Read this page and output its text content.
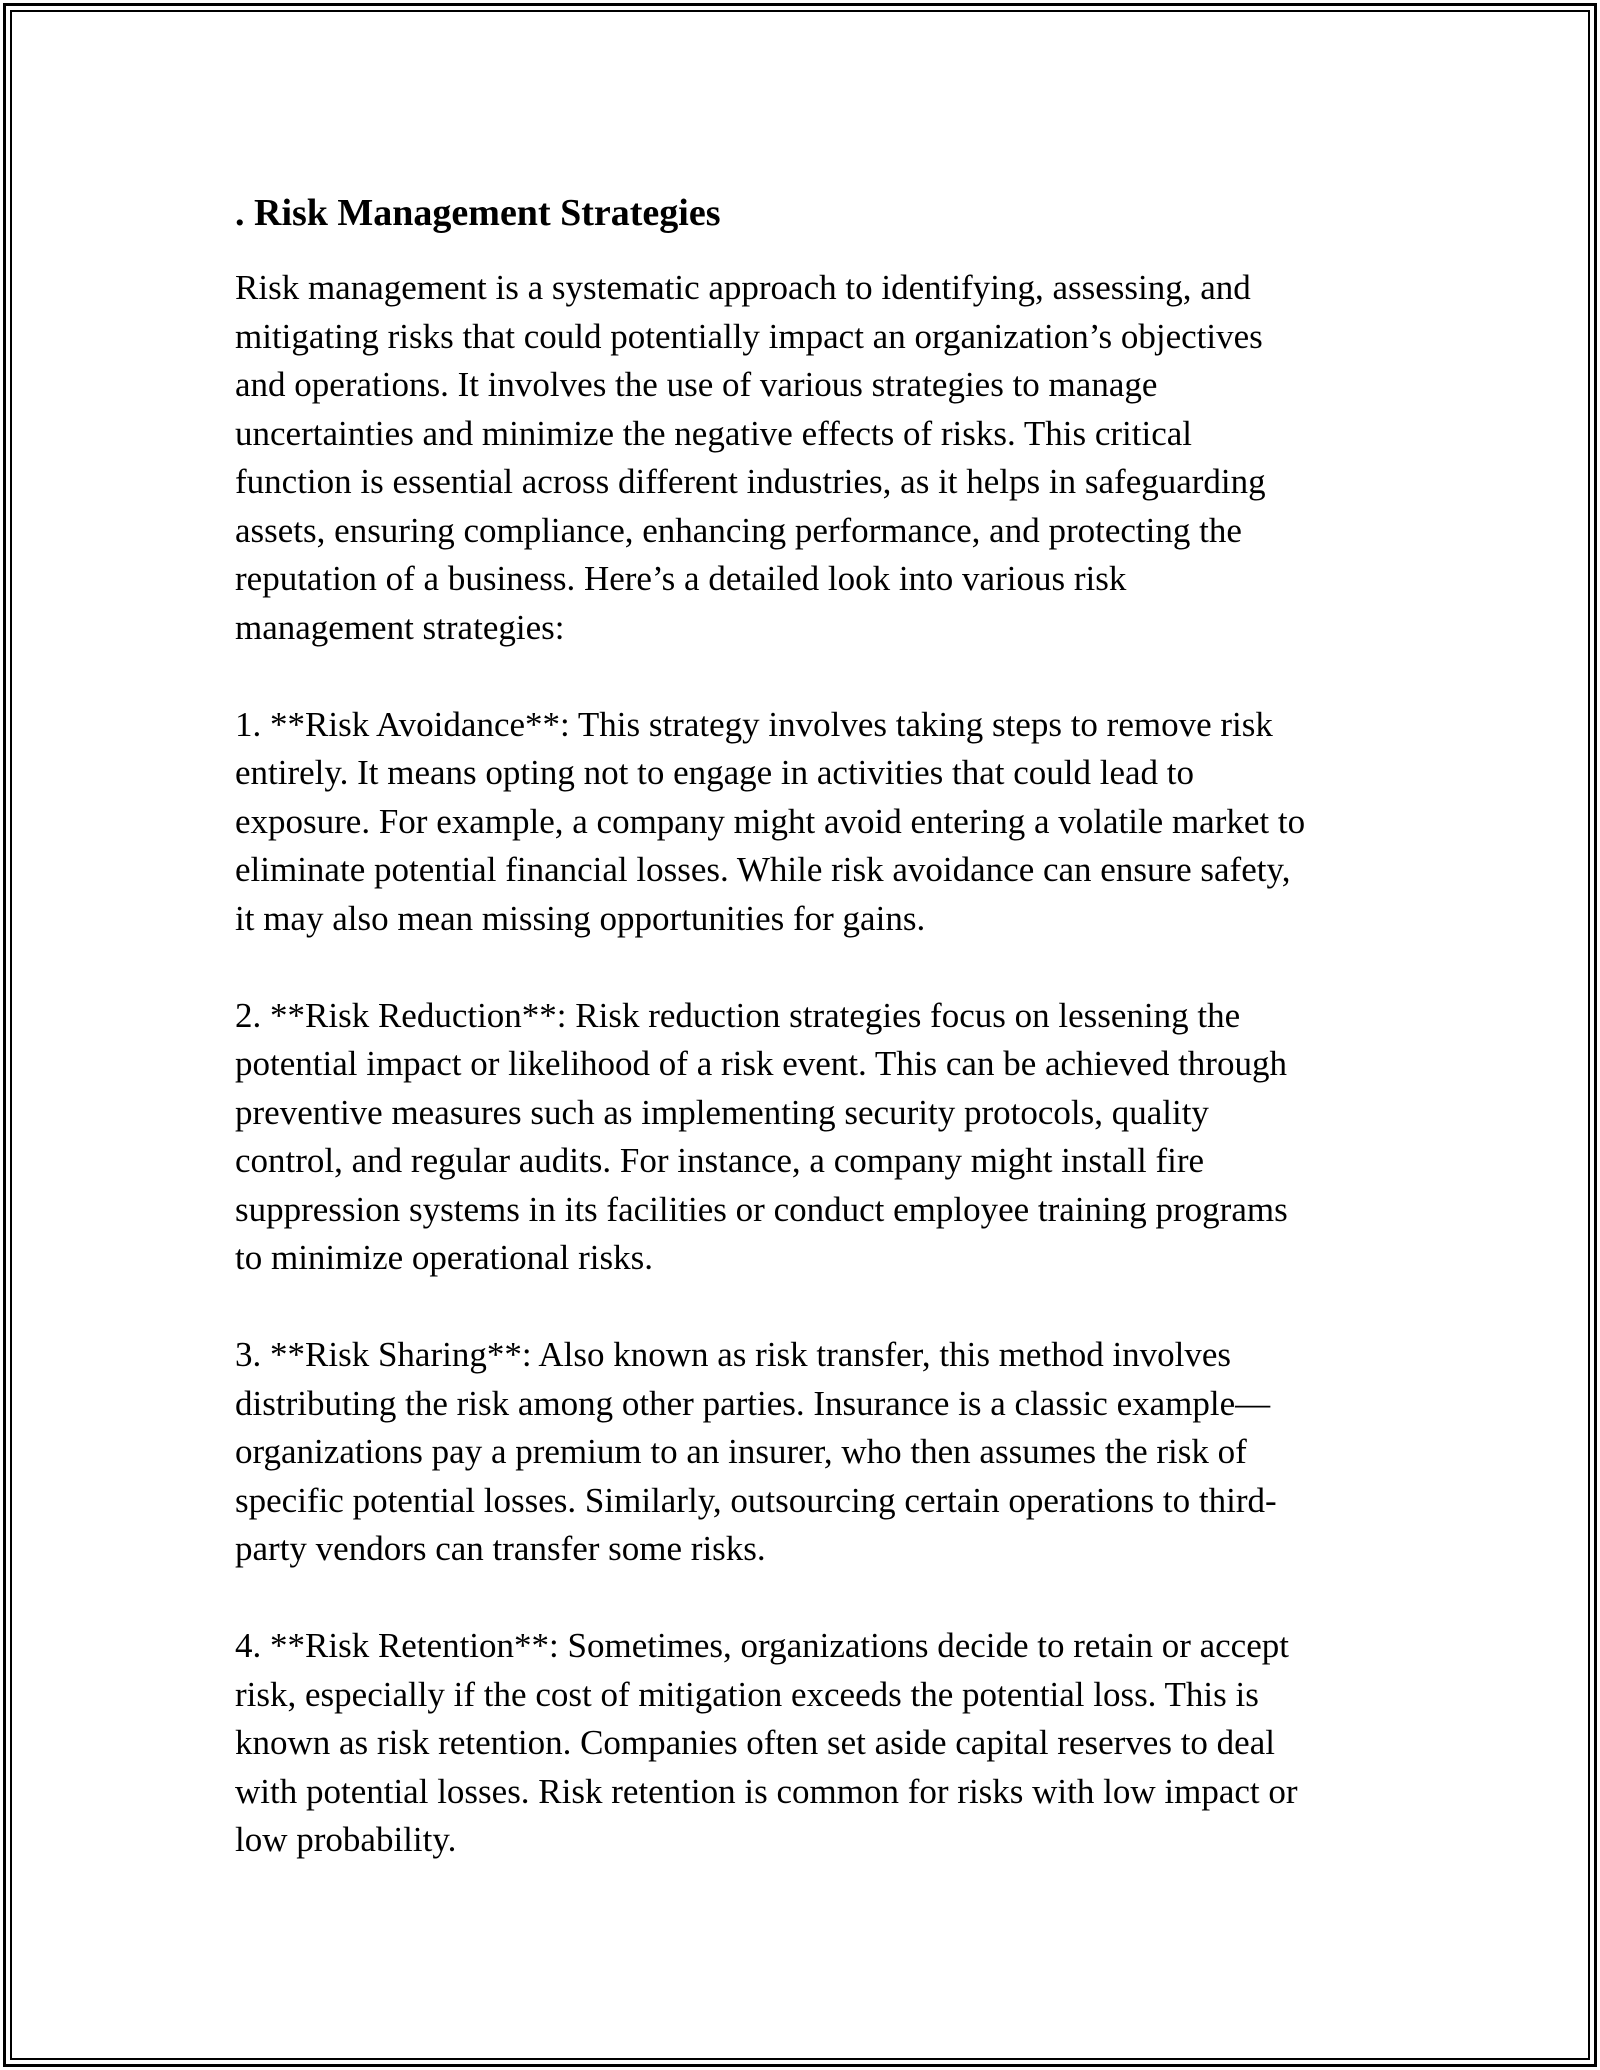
. Risk Management Strategies
Risk management is a systematic approach to identifying, assessing, and
mitigating risks that could potentially impact an organization’s objectives
and operations. It involves the use of various strategies to manage
uncertainties and minimize the negative effects of risks. This critical
function is essential across different industries, as it helps in safeguarding
assets, ensuring compliance, enhancing performance, and protecting the
reputation of a business. Here’s a detailed look into various risk
management strategies:
1. **Risk Avoidance**: This strategy involves taking steps to remove risk
entirely. It means opting not to engage in activities that could lead to
exposure. For example, a company might avoid entering a volatile market to
eliminate potential financial losses. While risk avoidance can ensure safety,
it may also mean missing opportunities for gains.
2. **Risk Reduction**: Risk reduction strategies focus on lessening the
potential impact or likelihood of a risk event. This can be achieved through
preventive measures such as implementing security protocols, quality
control, and regular audits. For instance, a company might install fire
suppression systems in its facilities or conduct employee training programs
to minimize operational risks.
3. **Risk Sharing**: Also known as risk transfer, this method involves
distributing the risk among other parties. Insurance is a classic example—
organizations pay a premium to an insurer, who then assumes the risk of
specific potential losses. Similarly, outsourcing certain operations to third-
party vendors can transfer some risks.
4. **Risk Retention**: Sometimes, organizations decide to retain or accept
risk, especially if the cost of mitigation exceeds the potential loss. This is
known as risk retention. Companies often set aside capital reserves to deal
with potential losses. Risk retention is common for risks with low impact or
low probability.
